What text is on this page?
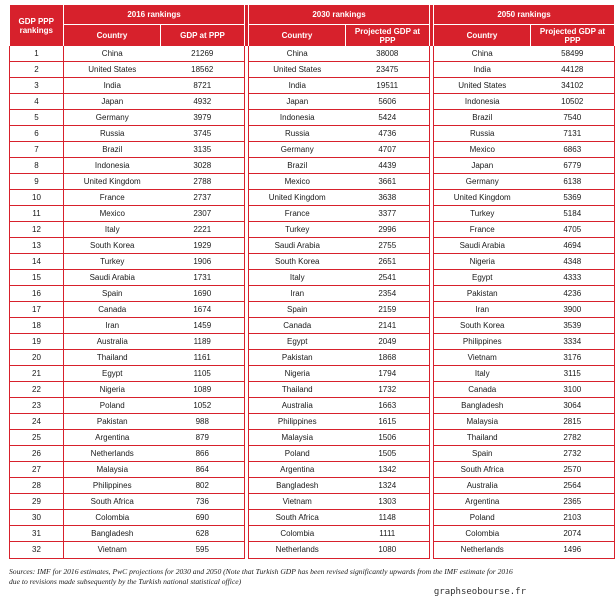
GDP PPP rankings	2016 rankings			2030 rankings			2050 rankings	
	Country	GDP at PPP		Country	Projected GDP at PPP		Country	Projected GDP at PPP
1	China	21269		China	38008		China	58499
2	United States	18562		United States	23475		India	44128
3	India	8721		India	19511		United States	34102
4	Japan	4932		Japan	5606		Indonesia	10502
5	Germany	3979		Indonesia	5424		Brazil	7540
6	Russia	3745		Russia	4736		Russia	7131
7	Brazil	3135		Germany	4707		Mexico	6863
8	Indonesia	3028		Brazil	4439		Japan	6779
9	United Kingdom	2788		Mexico	3661		Germany	6138
10	France	2737		United Kingdom	3638		United Kingdom	5369
11	Mexico	2307		France	3377		Turkey	5184
12	Italy	2221		Turkey	2996		France	4705
13	South Korea	1929		Saudi Arabia	2755		Saudi Arabia	4694
14	Turkey	1906		South Korea	2651		Nigeria	4348
15	Saudi Arabia	1731		Italy	2541		Egypt	4333
16	Spain	1690		Iran	2354		Pakistan	4236
17	Canada	1674		Spain	2159		Iran	3900
18	Iran	1459		Canada	2141		South Korea	3539
19	Australia	1189		Egypt	2049		Philippines	3334
20	Thailand	1161		Pakistan	1868		Vietnam	3176
21	Egypt	1105		Nigeria	1794		Italy	3115
22	Nigeria	1089		Thailand	1732		Canada	3100
23	Poland	1052		Australia	1663		Bangladesh	3064
24	Pakistan	988		Philippines	1615		Malaysia	2815
25	Argentina	879		Malaysia	1506		Thailand	2782
26	Netherlands	866		Poland	1505		Spain	2732
27	Malaysia	864		Argentina	1342		South Africa	2570
28	Philippines	802		Bangladesh	1324		Australia	2564
29	South Africa	736		Vietnam	1303		Argentina	2365
30	Colombia	690		South Africa	1148		Poland	2103
31	Bangladesh	628		Colombia	1111		Colombia	2074
32	Vietnam	595		Netherlands	1080		Netherlands	1496
Sources: IMF for 2016 estimates, PwC projections for 2030 and 2050 (Note that Turkish GDP has been revised significantly upwards from the IMF estimate for 2016 due to revisions made subsequently by the Turkish national statistical office)
graphseobourse.fr
